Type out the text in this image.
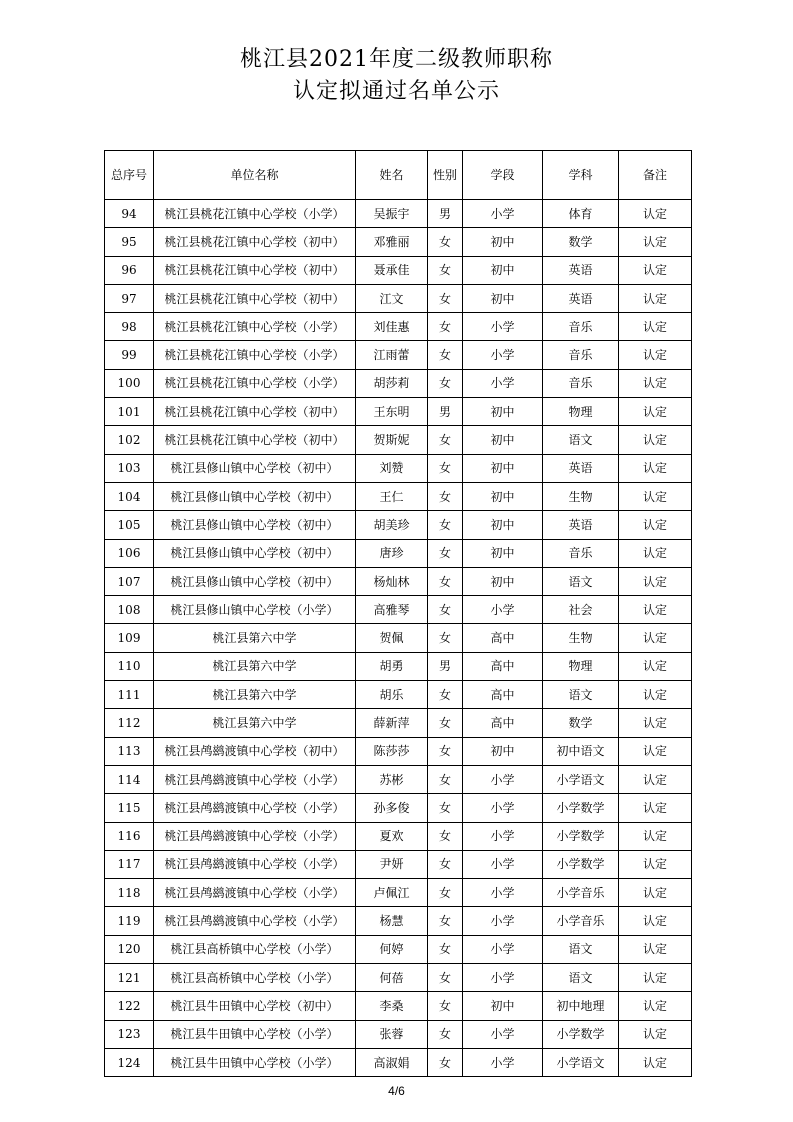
桃江县2021年度二级教师职称
认定拟通过名单公示
总序号	单位名称	姓名	性别	学段	学科	备注
94	桃江县桃花江镇中心学校（小学）	吴振宇	男	小学	体育	认定
95	桃江县桃花江镇中心学校（初中）	邓雅丽	女	初中	数学	认定
96	桃江县桃花江镇中心学校（初中）	聂承佳	女	初中	英语	认定
97	桃江县桃花江镇中心学校（初中）	江文	女	初中	英语	认定
98	桃江县桃花江镇中心学校（小学）	刘佳惠	女	小学	音乐	认定
99	桃江县桃花江镇中心学校（小学）	江雨蕾	女	小学	音乐	认定
100	桃江县桃花江镇中心学校（小学）	胡莎莉	女	小学	音乐	认定
101	桃江县桃花江镇中心学校（初中）	王东明	男	初中	物理	认定
102	桃江县桃花江镇中心学校（初中）	贺斯妮	女	初中	语文	认定
103	桃江县修山镇中心学校（初中）	刘赞	女	初中	英语	认定
104	桃江县修山镇中心学校（初中）	王仁	女	初中	生物	认定
105	桃江县修山镇中心学校（初中）	胡美珍	女	初中	英语	认定
106	桃江县修山镇中心学校（初中）	唐珍	女	初中	音乐	认定
107	桃江县修山镇中心学校（初中）	杨灿林	女	初中	语文	认定
108	桃江县修山镇中心学校（小学）	高雅琴	女	小学	社会	认定
109	桃江县第六中学	贺佩	女	高中	生物	认定
110	桃江县第六中学	胡勇	男	高中	物理	认定
111	桃江县第六中学	胡乐	女	高中	语文	认定
112	桃江县第六中学	薛新萍	女	高中	数学	认定
113	桃江县鸬鹚渡镇中心学校（初中）	陈莎莎	女	初中	初中语文	认定
114	桃江县鸬鹚渡镇中心学校（小学）	苏彬	女	小学	小学语文	认定
115	桃江县鸬鹚渡镇中心学校（小学）	孙多俊	女	小学	小学数学	认定
116	桃江县鸬鹚渡镇中心学校（小学）	夏欢	女	小学	小学数学	认定
117	桃江县鸬鹚渡镇中心学校（小学）	尹妍	女	小学	小学数学	认定
118	桃江县鸬鹚渡镇中心学校（小学）	卢佩江	女	小学	小学音乐	认定
119	桃江县鸬鹚渡镇中心学校（小学）	杨慧	女	小学	小学音乐	认定
120	桃江县高桥镇中心学校（小学）	何婷	女	小学	语文	认定
121	桃江县高桥镇中心学校（小学）	何蓓	女	小学	语文	认定
122	桃江县牛田镇中心学校（初中）	李桑	女	初中	初中地理	认定
123	桃江县牛田镇中心学校（小学）	张蓉	女	小学	小学数学	认定
124	桃江县牛田镇中心学校（小学）	高淑娟	女	小学	小学语文	认定
4/6
